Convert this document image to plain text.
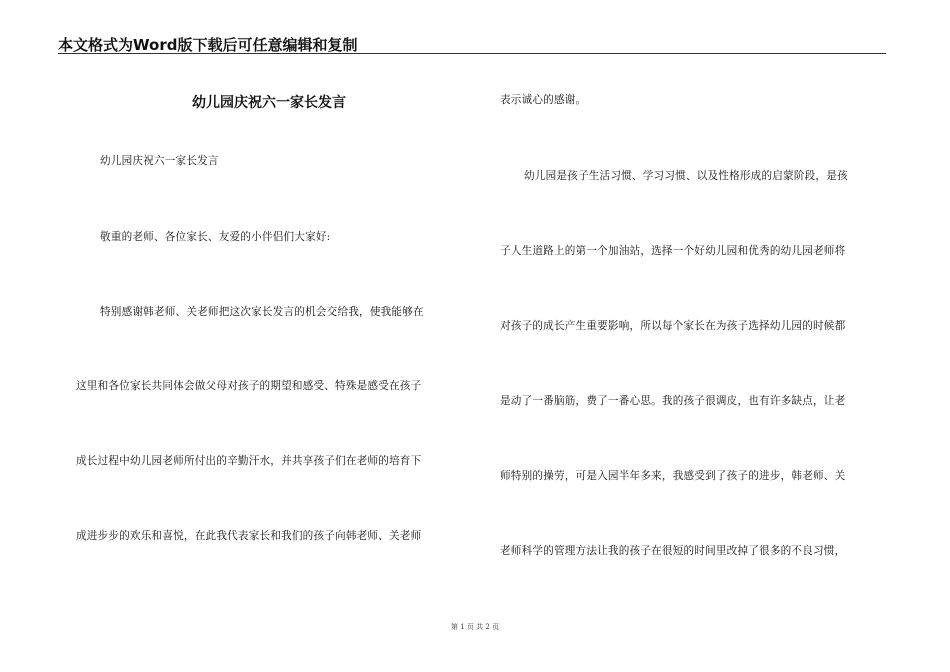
本文格式为Word版下载后可任意编辑和复制
幼儿园庆祝六一家长发言
幼儿园庆祝六一家长发言
敬重的老师、各位家长、友爱的小伴侣们大家好:
特别感谢韩老师、关老师把这次家长发言的机会交给我，使我能够在
这里和各位家长共同体会做父母对孩子的期望和感受、特殊是感受在孩子
成长过程中幼儿园老师所付出的辛勤汗水，并共享孩子们在老师的培育下
成进步步的欢乐和喜悦，在此我代表家长和我们的孩子向韩老师、关老师
表示诚心的感谢。
幼儿园是孩子生活习惯、学习习惯、以及性格形成的启蒙阶段，是孩
子人生道路上的第一个加油站，选择一个好幼儿园和优秀的幼儿园老师将
对孩子的成长产生重要影响，所以每个家长在为孩子选择幼儿园的时候都
是动了一番脑筋，费了一番心思。我的孩子很调皮，也有许多缺点，让老
师特别的操劳，可是入园半年多来，我感受到了孩子的进步，韩老师、关
老师科学的管理方法让我的孩子在很短的时间里改掉了很多的不良习惯，
第 1 页 共 2 页
